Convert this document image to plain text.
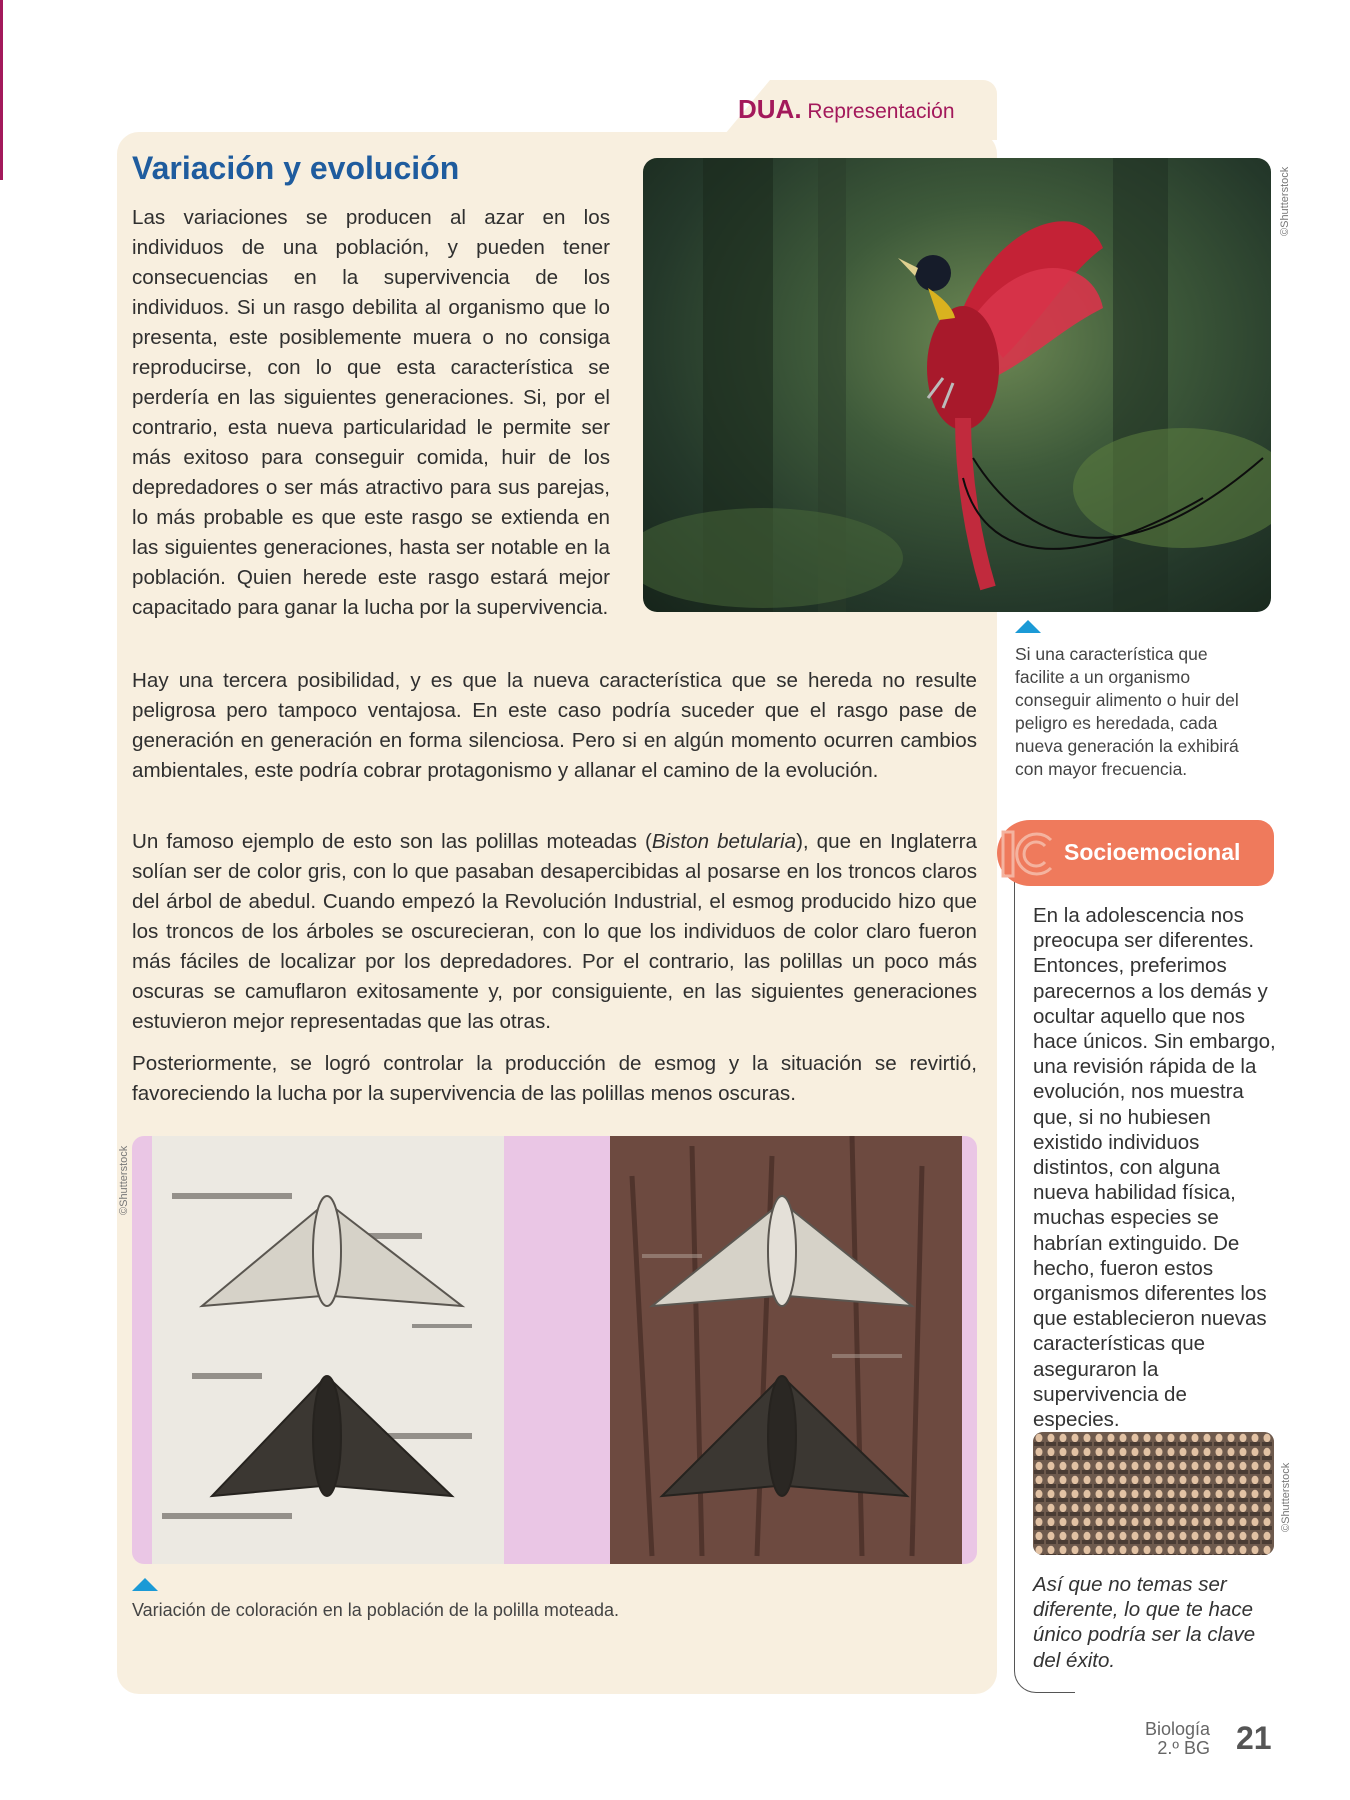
DUA. Representación
Variación y evolución

Las variaciones se producen al azar en los individuos de una población, y pueden tener consecuencias en la supervivencia de los individuos. Si un rasgo debilita al organismo que lo presenta, este posiblemente muera o no consiga reproducirse, con lo que esta característica se perdería en las siguientes generaciones. Si, por el contrario, esta nueva particularidad le permite ser más exitoso para conseguir comida, huir de los depredadores o ser más atractivo para sus parejas, lo más probable es que este rasgo se extienda en las siguientes generaciones, hasta ser notable en la población. Quien herede este rasgo estará mejor capacitado para ganar la lucha por la supervivencia.

©Shutterstock

Si una característica que facilite a un organismo conseguir alimento o huir del peligro es heredada, cada nueva generación la exhibirá con mayor frecuencia.

Hay una tercera posibilidad, y es que la nueva característica que se hereda no resulte peligrosa pero tampoco ventajosa. En este caso podría suceder que el rasgo pase de generación en generación en forma silenciosa. Pero si en algún momento ocurren cambios ambientales, este podría cobrar protagonismo y allanar el camino de la evolución.

Un famoso ejemplo de esto son las polillas moteadas (Biston betularia), que en Inglaterra solían ser de color gris, con lo que pasaban desapercibidas al posarse en los troncos claros del árbol de abedul. Cuando empezó la Revolución Industrial, el esmog producido hizo que los troncos de los árboles se oscurecieran, con lo que los individuos de color claro fueron más fáciles de localizar por los depredadores. Por el contrario, las polillas un poco más oscuras se camuflaron exitosamente y, por consiguiente, en las siguientes generaciones estuvieron mejor representadas que las otras.

Posteriormente, se logró controlar la producción de esmog y la situación se revirtió, favoreciendo la lucha por la supervivencia de las polillas menos oscuras.

©Shutterstock

Variación de coloración en la población de la polilla moteada.

Socioemocional

En la adolescencia nos preocupa ser diferentes. Entonces, preferimos parecernos a los demás y ocultar aquello que nos hace únicos. Sin embargo, una revisión rápida de la evolución, nos muestra que, si no hubiesen existido individuos distintos, con alguna nueva habilidad física, muchas especies se habrían extinguido. De hecho, fueron estos organismos diferentes los que establecieron nuevas características que aseguraron la supervivencia de especies.

©Shutterstock

Así que no temas ser diferente, lo que te hace único podría ser la clave del éxito.

Biología
2.º BG 21
